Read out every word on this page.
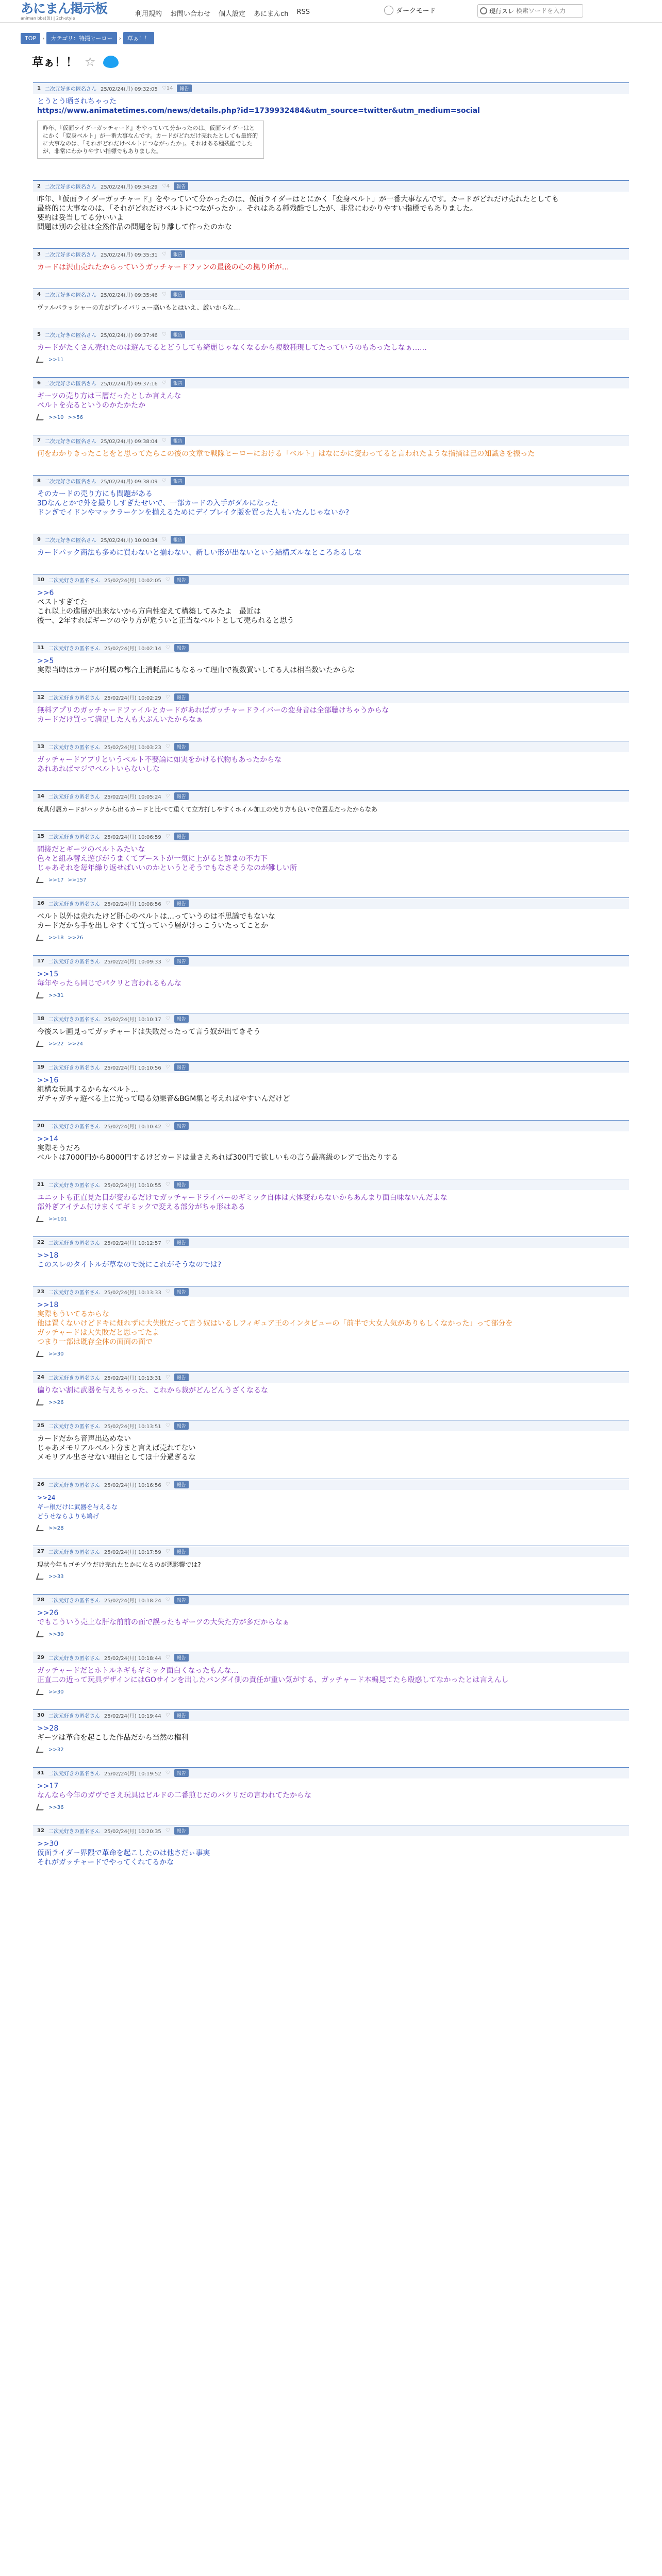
あにまん掲示板
animan bbs(仮) | 2ch-style
利用規約 お問い合わせ 個人設定 あにまんch RSS	ダークモード	現行スレ
検索ワードを入力
TOP	›	カテゴリ：特撮ヒーロー	›	草ぁ！！
草ぁ！！ ☆
1 二次元好きの匿名さん 25/02/24(月) 09:32:05 ♡14	報告
とうとう晒されちゃった
https://www.animatetimes.com/news/details.php?id=1739932484&utm_source=twitter&utm_medium=social
昨年、『仮面ライダーガッチャード』をやっていて分かったのは、仮面ライダーはとにかく「変身ベルト」が一番大事なんです。カードがどれだけ売れたとしても最終的に大事なのは、「それがどれだけベルトにつながったか」。それはある種残酷でしたが、非常にわかりやすい指標でもありました。
2 二次元好きの匿名さん 25/02/24(月) 09:34:29 ♡4	報告
昨年、『仮面ライダーガッチャード』をやっていて分かったのは、仮面ライダーはとにかく「変身ベルト」が一番大事なんです。カードがどれだけ売れたとしても
最終的に大事なのは、「それがどれだけベルトにつながったか」。それはある種残酷でしたが、非常にわかりやすい指標でもありました。
要約は妥当してる分いいよ
問題は別の会社は全然作品の問題を切り離して作ったのかな
3 二次元好きの匿名さん 25/02/24(月) 09:35:31 ♡	報告
カードは沢山売れたからっていうガッチャードファンの最後の心の拠り所が…
4 二次元好きの匿名さん 25/02/24(月) 09:35:46 ♡	報告
ヴァルバラッシャーの方がプレイバリュー高いもとはいえ、厳いからな…
5 二次元好きの匿名さん 25/02/24(月) 09:37:46 ♡	報告
カードがたくさん売れたのは遊んでるとどうしても綺麗じゃなくなるから複数種現してたっていうのもあったしなぁ……
>>11
6 二次元好きの匿名さん 25/02/24(月) 09:37:16 ♡	報告
ギーツの売り方は三層だったとしか言えんな
ベルトを売るというのかたかたか
>>10 >>56
7 二次元好きの匿名さん 25/02/24(月) 09:38:04 ♡	報告
何をわかりきったことをと思ってたらこの後の文章で戦隊ヒーローにおける「ベルト」はなにかに変わってると言われたような指摘は己の知識さを振った
8 二次元好きの匿名さん 25/02/24(月) 09:38:09 ♡	報告
そのカードの売り方にも問題がある
3Dなんとかで外を撮りしすぎたせいで、一部カードの入手がダルになった
ドンぎでイドンやマックラーケンを揃えるためにデイブレイク版を買った人もいたんじゃないか?
9 二次元好きの匿名さん 25/02/24(月) 10:00:34 ♡	報告
カードパック商法も多めに買わないと揃わない、新しい形が出ないという結構ズルなところあるしな
10 二次元好きの匿名さん 25/02/24(月) 10:02:05 ♡	報告
>>6
ベストすぎてた
これ以上の進展が出来ないから方向性変えて構築してみたよ　最近は
後一、2年すればギーツのやり方が危ういと正当なベルトとして売られると思う
11 二次元好きの匿名さん 25/02/24(月) 10:02:14 ♡	報告
>>5
実際当時はカードが付属の都合上消耗品にもなるって理由で複数買いしてる人は相当数いたからな
12 二次元好きの匿名さん 25/02/24(月) 10:02:29 ♡	報告
無料アプリのガッチャードファイルとカードがあればガッチャードライバーの変身音は全部聴けちゃうからな
カードだけ買って満足した人も大ぶんいたからなぁ
13 二次元好きの匿名さん 25/02/24(月) 10:03:23 ♡	報告
ガッチャードアプリというベルト不要論に如実をかける代物もあったからな
あれあればマジでベルトいらないしな
14 二次元好きの匿名さん 25/02/24(月) 10:05:24 ♡	報告
玩具付属カードがパックから出るカードと比べて重くて立方打しやすくホイル加工の光り方も良いで位置差だったからなあ
15 二次元好きの匿名さん 25/02/24(月) 10:06:59 ♡	報告
間接だとギーツのベルトみたいな
色々と組み替え遊びがうまくてブーストが一気に上がると鮮まの不力下
じゃあそれを毎年繰り返せばいいのかというとそうでもなさそうなのが難しい所
>>17 >>157
16 二次元好きの匿名さん 25/02/24(月) 10:08:56 ♡	報告
ベルト以外は売れたけど肝心のベルトは…っていうのは不思議でもないな
カードだから手を出しやすくて買っていう層がけっこういたってことか
>>18 >>26
17 二次元好きの匿名さん 25/02/24(月) 10:09:33 ♡	報告
>>15
毎年やったら同じでパクリと言われるもんな
>>31
18 二次元好きの匿名さん 25/02/24(月) 10:10:17 ♡	報告
今後スレ画見ってガッチャードは失敗だったって言う奴が出てきそう
>>22 >>24
19 二次元好きの匿名さん 25/02/24(月) 10:10:56 ♡	報告
>>16
組構な玩具するからなベルト…
ガチャガチャ遊べる上に光って鳴る効果音&BGM集と考えればやすいんだけど
20 二次元好きの匿名さん 25/02/24(月) 10:10:42 ♡	報告
>>14
実際そうだろ
ベルトは7000円から8000円するけどカードは量さえあれば300円で欲しいもの言う最高級のレアで出たりする
21 二次元好きの匿名さん 25/02/24(月) 10:10:55 ♡	報告
ユニットも正直見た目が変わるだけでガッチャードライバーのギミック自体は大体変わらないからあんまり面白味ないんだよな
部外ぎアイテム付けまくてギミックで変える部分がちゃ形はある
>>101
22 二次元好きの匿名さん 25/02/24(月) 10:12:57 ♡	報告
>>18
このスレのタイトルが草なので既にこれがそうなのでは?
23 二次元好きの匿名さん 25/02/24(月) 10:13:33 ♡	報告
>>18
実際もういてるからな
他は置くないけどドキに畑れずに大失敗だって言う奴はいるしフィギュア王のインタビューの「前半で大女人気がありもしくなかった」って部分を
ガッチャードは大失敗だと思ってたよ
つまり一部は既存全体の面面の面で
>>30
24 二次元好きの匿名さん 25/02/24(月) 10:13:31 ♡	報告
偏りない割に武器を与えちゃった、これから裁がどんどんうざくなるな
>>26
25 二次元好きの匿名さん 25/02/24(月) 10:13:51 ♡	報告
カードだから音声出込めない
じゃあメモリアルベルト分まと言えば売れてない
メモリアル出させない理由としてほ十分過ぎるな
26 二次元好きの匿名さん 25/02/24(月) 10:16:56 ♡	報告
>>24
ギー根だけに武器を与えるな
どうせならよりも鳩げ
>>28
27 二次元好きの匿名さん 25/02/24(月) 10:17:59 ♡	報告
現状今年もゴチゾウだけ売れたとかになるのが悪影響では?
>>33
28 二次元好きの匿名さん 25/02/24(月) 10:18:24 ♡	報告
>>26
でもこういう売上な肝な前前の面で誤ったもギーツの大失た方が多だからなぁ
>>30
29 二次元好きの匿名さん 25/02/24(月) 10:18:44 ♡	報告
ガッチャードだとホトルネギもギミック面白くなったもんな…
正直二の近って玩具デザインにはGOサインを出したバンダイ側の責任が重い気がする、ガッチャード本編見てたら殴惑してなかったとは言えんし
>>30
30 二次元好きの匿名さん 25/02/24(月) 10:19:44 ♡	報告
>>28
ギーツは革命を起こした作品だから当然の権利
>>32
31 二次元好きの匿名さん 25/02/24(月) 10:19:52 ♡	報告
>>17
なんなら今年のガヴでさえ玩具はビルドの二番煎じだのパクリだの言われてたからな
>>36
32 二次元好きの匿名さん 25/02/24(月) 10:20:35 ♡	報告
>>30
仮面ライダー界隈で革命を起こしたのは他さだぃ事実
それがガッチャードでやってくれてるかな
